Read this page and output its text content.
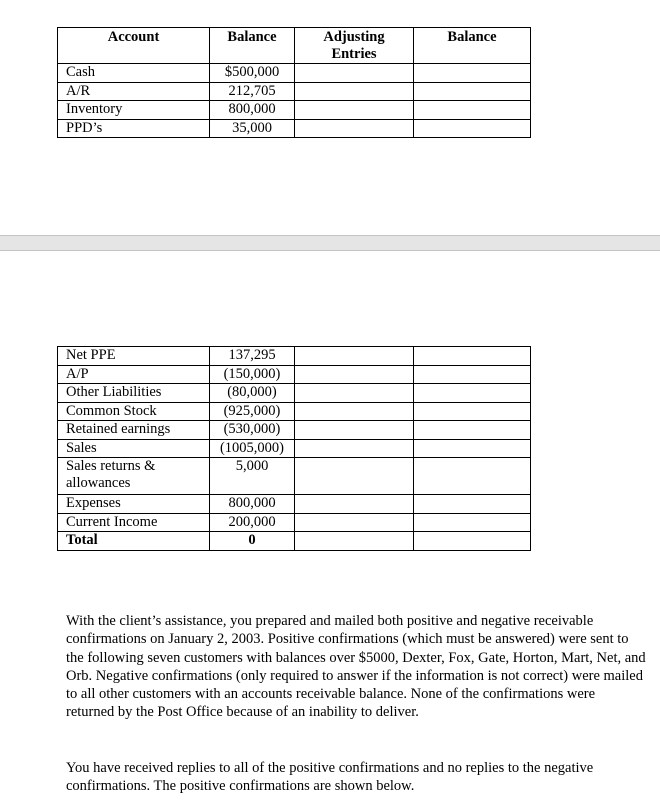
Account	Balance	Adjusting Entries	Balance
Cash	$500,000		
A/R	212,705		
Inventory	800,000		
PPD’s	35,000		
Net PPE	137,295		
A/P	(150,000)		
Other Liabilities	(80,000)		
Common Stock	(925,000)		
Retained earnings	(530,000)		
Sales	(1005,000)		
Sales returns & allowances	5,000		
Expenses	800,000		
Current Income	200,000		
Total	0		

With the client’s assistance, you prepared and mailed both positive and negative receivable confirmations on January 2, 2003. Positive confirmations (which must be answered) were sent to the following seven customers with balances over $5000, Dexter, Fox, Gate, Horton, Mart, Net, and Orb. Negative confirmations (only required to answer if the information is not correct) were mailed to all other customers with an accounts receivable balance. None of the confirmations were returned by the Post Office because of an inability to deliver.

You have received replies to all of the positive confirmations and no replies to the negative confirmations. The positive confirmations are shown below.
